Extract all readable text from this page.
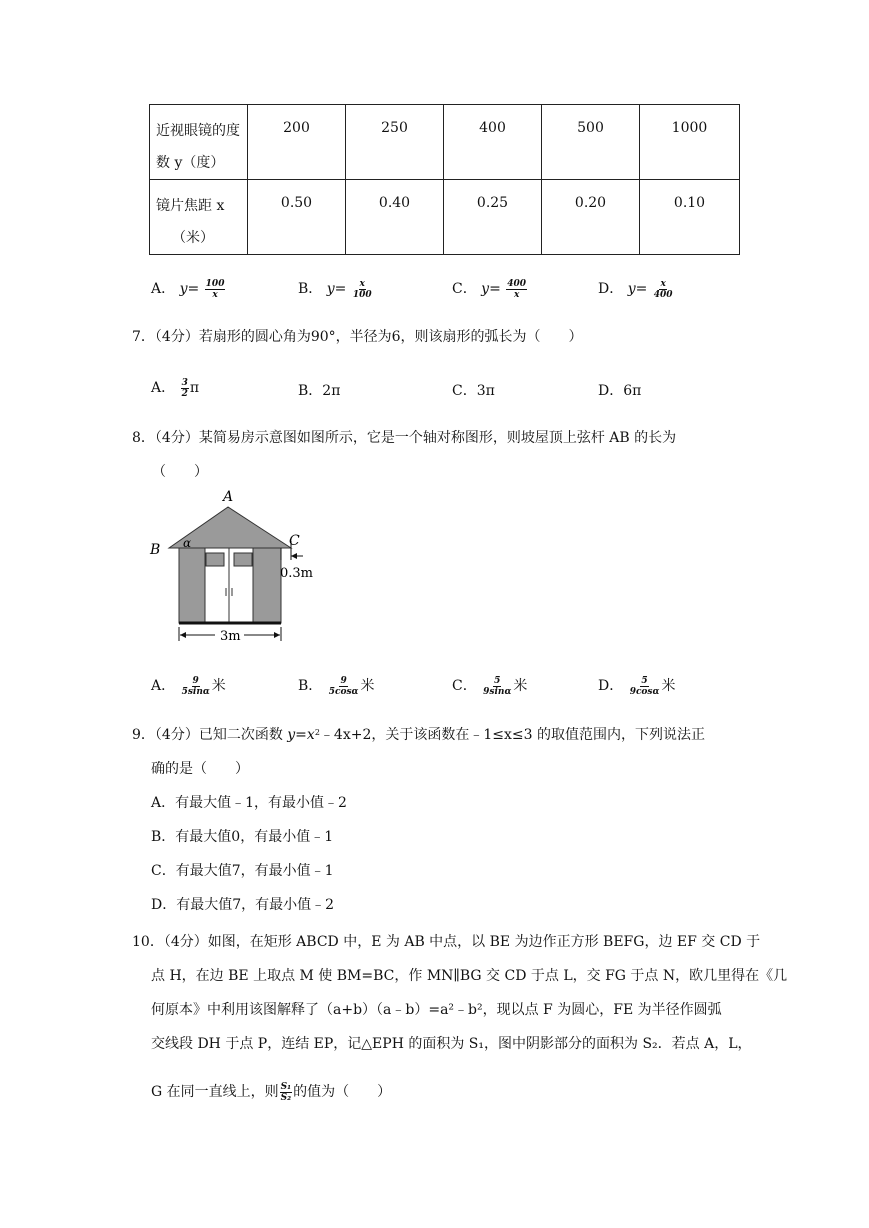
近视眼镜的度
数 y（度）	200	250	400	500	1000

镜片焦距 x
（米）	0.50	0.40	0.25	0.20	0.10
A． $y= \frac{100}{x}$	B． $y= \frac{x}{100}$	C． $y= \frac{400}{x}$	D． $y= \frac{x}{400}$
7．（4分）若扇形的圆心角为90°，半径为6，则该扇形的弧长为（　　）
A． $\frac{3}{2}$ π	B．2π	C．3π	D．6π
8．（4分）某简易房示意图如图所示，它是一个轴对称图形，则坡屋顶上弦杆 AB 的长为
（　　）
A
B
C
α
0.3m
3m
A． $\frac{9}{5\sin\alpha}$ 米	B． $\frac{9}{5\cos\alpha}$ 米	C． $\frac{5}{9\sin\alpha}$ 米	D． $\frac{5}{9\cos\alpha}$ 米
9．（4分）已知二次函数 $y=x^2﹣4x+2$，关于该函数在﹣1≤x≤3 的取值范围内，下列说法正
确的是（　　）
A．有最大值﹣1，有最小值﹣2
B．有最大值0，有最小值﹣1
C．有最大值7，有最小值﹣1
D．有最大值7，有最小值﹣2
10．（4分）如图，在矩形 ABCD 中，E 为 AB 中点，以 BE 为边作正方形 BEFG，边 EF 交 CD 于
点 H，在边 BE 上取点 M 使 BM=BC，作 MN∥BG 交 CD 于点 L，交 FG 于点 N，欧几里得在《几
何原本》中利用该图解释了（a+b）（a﹣b）=a²﹣b²，现以点 F 为圆心，FE 为半径作圆弧
交线段 DH 于点 P，连结 EP，记△EPH 的面积为 S₁，图中阴影部分的面积为 S₂．若点 A，L，
G 在同一直线上，则 $\frac{\text{S₁}}{\text{S₂}}$ 的值为（　　）
